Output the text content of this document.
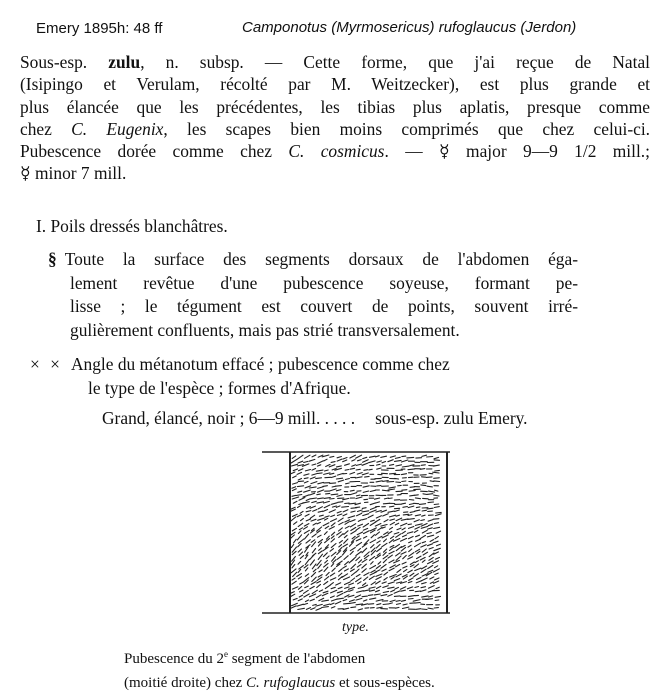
Emery 1895h: 48 ff	Camponotus (Myrmosericus) rufoglaucus (Jerdon)
Sous-esp. zulu, n. subsp. — Cette forme, que j'ai reçue de Natal
(Isipingo et Verulam, récolté par M. Weitzecker), est plus grande et
plus élancée que les précédentes, les tibias plus aplatis, presque comme
chez C. Eugenix, les scapes bien moins comprimés que chez celui-ci.
Pubescence dorée comme chez C. cosmicus. — ☿ major 9—9 1/2 mill.;
☿ minor 7 mill.
I. Poils dressés blanchâtres.
§ Toute la surface des segments dorsaux de l'abdomen éga-
lement revêtue d'une pubescence soyeuse, formant pe-
lisse ; le tégument est couvert de points, souvent irré-
gulièrement confluents, mais pas strié transversalement.
× × Angle du métanotum effacé ; pubescence comme chez
le type de l'espèce ; formes d'Afrique.
Grand, élancé, noir ; 6—9 mill. . . . . sous-esp. zulu Emery.
type.
Pubescence du 2e segment de l'abdomen
(moitié droite) chez C. rufoglaucus et sous-espèces.
